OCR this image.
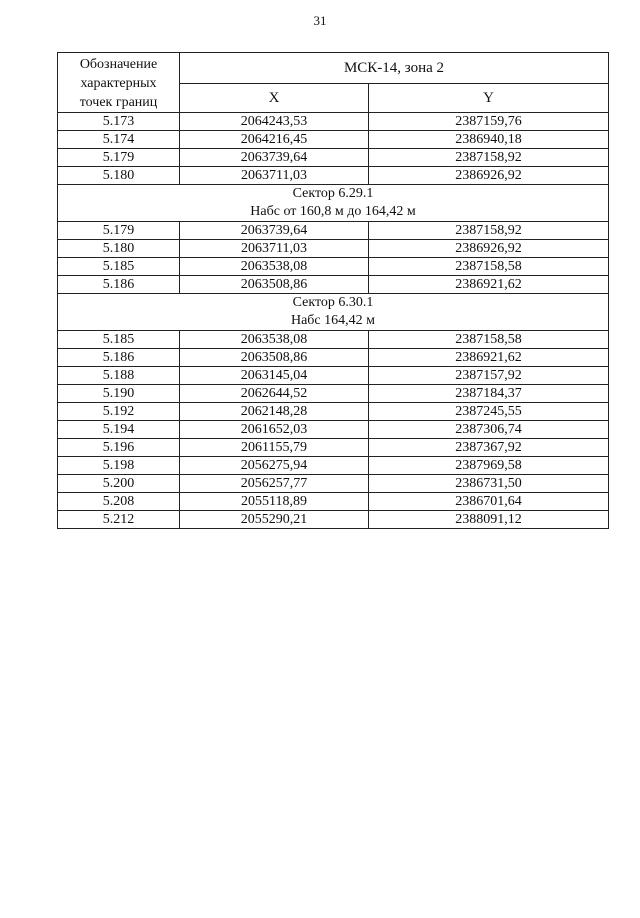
31
Обозначение
характерных
точек границ	МСК-14, зона 2	
	X	Y
5.173	2064243,53	2387159,76
5.174	2064216,45	2386940,18
5.179	2063739,64	2387158,92
5.180	2063711,03	2386926,92

Сектор 6.29.1
Набс от 160,8 м до 164,42 м		

5.179	2063739,64	2387158,92
5.180	2063711,03	2386926,92
5.185	2063538,08	2387158,58
5.186	2063508,86	2386921,62

Сектор 6.30.1
Набс 164,42 м		

5.185	2063538,08	2387158,58
5.186	2063508,86	2386921,62
5.188	2063145,04	2387157,92
5.190	2062644,52	2387184,37
5.192	2062148,28	2387245,55
5.194	2061652,03	2387306,74
5.196	2061155,79	2387367,92
5.198	2056275,94	2387969,58
5.200	2056257,77	2386731,50
5.208	2055118,89	2386701,64
5.212	2055290,21	2388091,12
